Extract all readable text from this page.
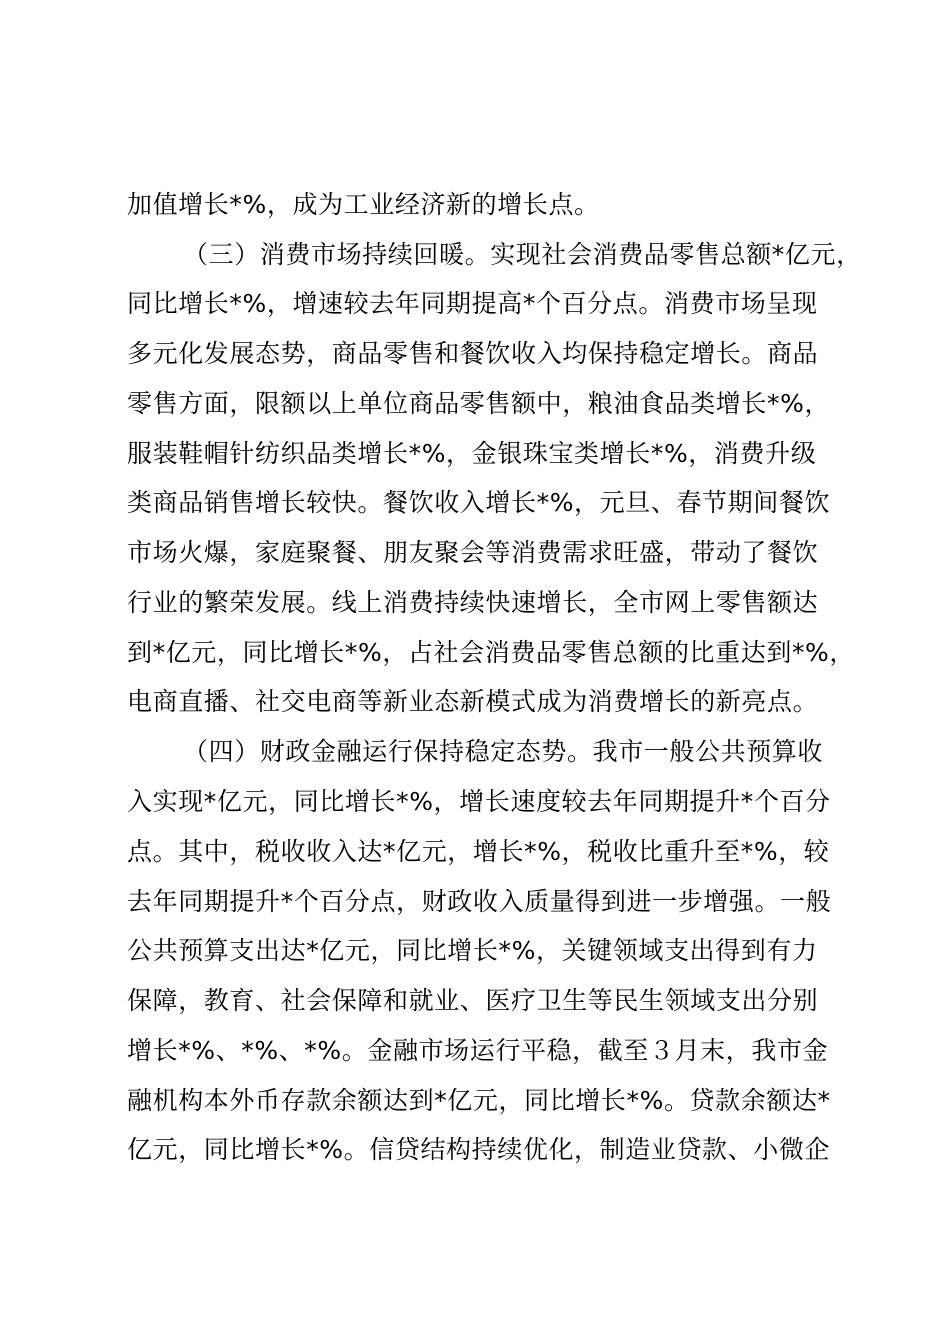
加值增长*%，成为工业经济新的增长点。
（三）消费市场持续回暖。实现社会消费品零售总额*亿元，
同比增长*%，增速较去年同期提高*个百分点。消费市场呈现
多元化发展态势，商品零售和餐饮收入均保持稳定增长。商品
零售方面，限额以上单位商品零售额中，粮油食品类增长*%，
服装鞋帽针纺织品类增长*%，金银珠宝类增长*%，消费升级
类商品销售增长较快。餐饮收入增长*%，元旦、春节期间餐饮
市场火爆，家庭聚餐、朋友聚会等消费需求旺盛，带动了餐饮
行业的繁荣发展。线上消费持续快速增长，全市网上零售额达
到*亿元，同比增长*%，占社会消费品零售总额的比重达到*%，
电商直播、社交电商等新业态新模式成为消费增长的新亮点。
（四）财政金融运行保持稳定态势。我市一般公共预算收
入实现*亿元，同比增长*%，增长速度较去年同期提升*个百分
点。其中，税收收入达*亿元，增长*%，税收比重升至*%，较
去年同期提升*个百分点，财政收入质量得到进一步增强。一般
公共预算支出达*亿元，同比增长*%，关键领域支出得到有力
保障，教育、社会保障和就业、医疗卫生等民生领域支出分别
增长*%、*%、*%。金融市场运行平稳，截至３月末，我市金
融机构本外币存款余额达到*亿元，同比增长*%。贷款余额达*
亿元，同比增长*%。信贷结构持续优化，制造业贷款、小微企
